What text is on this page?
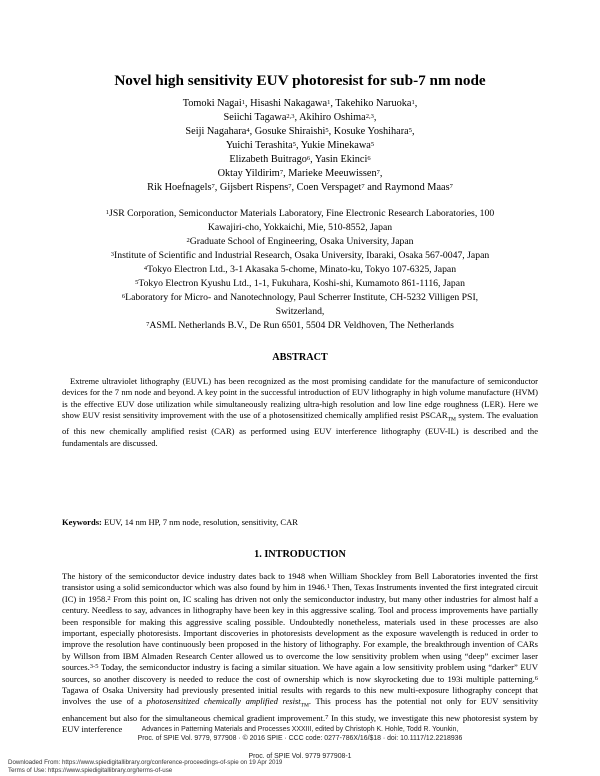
Novel high sensitivity EUV photoresist for sub-7 nm node
Tomoki Nagai$^1$, Hisashi Nakagawa$^1$, Takehiko Naruoka$^1$,
Seiichi Tagawa$^{2,3}$, Akihiro Oshima$^{2,3}$,
Seiji Nagahara$^4$, Gosuke Shiraishi$^5$, Kosuke Yoshihara$^5$,
Yuichi Terashita$^5$, Yukie Minekawa$^5$
Elizabeth Buitrago$^6$, Yasin Ekinci$^6$
Oktay Yildirim$^7$, Marieke Meeuwissen$^7$,
Rik Hoefnagels$^7$, Gijsbert Rispens$^7$, Coen Verspaget$^7$ and Raymond Maas$^7$
$^1$JSR Corporation, Semiconductor Materials Laboratory, Fine Electronic Research Laboratories, 100
Kawajiri-cho, Yokkaichi, Mie, 510-8552, Japan
$^2$Graduate School of Engineering, Osaka University, Japan
$^3$Institute of Scientific and Industrial Research, Osaka University, Ibaraki, Osaka 567-0047, Japan
$^4$Tokyo Electron Ltd., 3-1 Akasaka 5-chome, Minato-ku, Tokyo 107-6325, Japan
$^5$Tokyo Electron Kyushu Ltd., 1-1, Fukuhara, Koshi-shi, Kumamoto 861-1116, Japan
$^6$Laboratory for Micro- and Nanotechnology, Paul Scherrer Institute, CH-5232 Villigen PSI,
Switzerland,
$^7$ASML Netherlands B.V., De Run 6501, 5504 DR Veldhoven, The Netherlands
ABSTRACT
Extreme ultraviolet lithography (EUVL) has been recognized as the most promising candidate for the manufacture of semiconductor devices for the 7 nm node and beyond. A key point in the successful introduction of EUV lithography in high volume manufacture (HVM) is the effective EUV dose utilization while simultaneously realizing ultra-high resolution and low line edge roughness (LER). Here we show EUV resist sensitivity improvement with the use of a photosensitized chemically amplified resist $PSCAR_{TM}$ system. The evaluation of this new chemically amplified resist (CAR) as performed using EUV interference lithography (EUV-IL) is described and the fundamentals are discussed.
Keywords: EUV, 14 nm HP, 7 nm node, resolution, sensitivity, CAR
1. INTRODUCTION
The history of the semiconductor device industry dates back to 1948 when William Shockley from Bell Laboratories invented the first transistor using a solid semiconductor which was also found by him in 1946.$^1$ Then, Texas Instruments invented the first integrated circuit (IC) in 1958.$^2$ From this point on, IC scaling has driven not only the semiconductor industry, but many other industries for almost half a century. Needless to say, advances in lithography have been key in this aggressive scaling. Tool and process improvements have partially been responsible for making this aggressive scaling possible. Undoubtedly nonetheless, materials used in these processes are also important, especially photoresists. Important discoveries in photoresists development as the exposure wavelength is reduced in order to improve the resolution have continuously been proposed in the history of lithography. For example, the breakthrough invention of CARs by Willson from IBM Almaden Research Center allowed us to overcome the low sensitivity problem when using “deep” excimer laser sources.$^{3-5}$ Today, the semiconductor industry is facing a similar situation. We have again a low sensitivity problem using “darker” EUV sources, so another discovery is needed to reduce the cost of ownership which is now skyrocketing due to 193i multiple patterning.$^6$ Tagawa of Osaka University had previously presented initial results with regards to this new multi-exposure lithography concept that involves the use of a photosensitized chemically amplified resist$_{TM}$. This process has the potential not only for EUV sensitivity enhancement but also for the simultaneous chemical gradient improvement.$^7$ In this study, we investigate this new photoresist system by EUV interference	Advances in Patterning Materials and Processes XXXIII, edited by Christoph K. Hohle, Todd R. Younkin,
Proc. of SPIE Vol. 9779, 977908 · © 2016 SPIE · CCC code: 0277-786X/16/$18 · doi: 10.1117/12.2218936
Proc. of SPIE Vol. 9779 977908-1
Downloaded From: https://www.spiedigitallibrary.org/conference-proceedings-of-spie on 19 Apr 2019
Terms of Use: https://www.spiedigitallibrary.org/terms-of-use
